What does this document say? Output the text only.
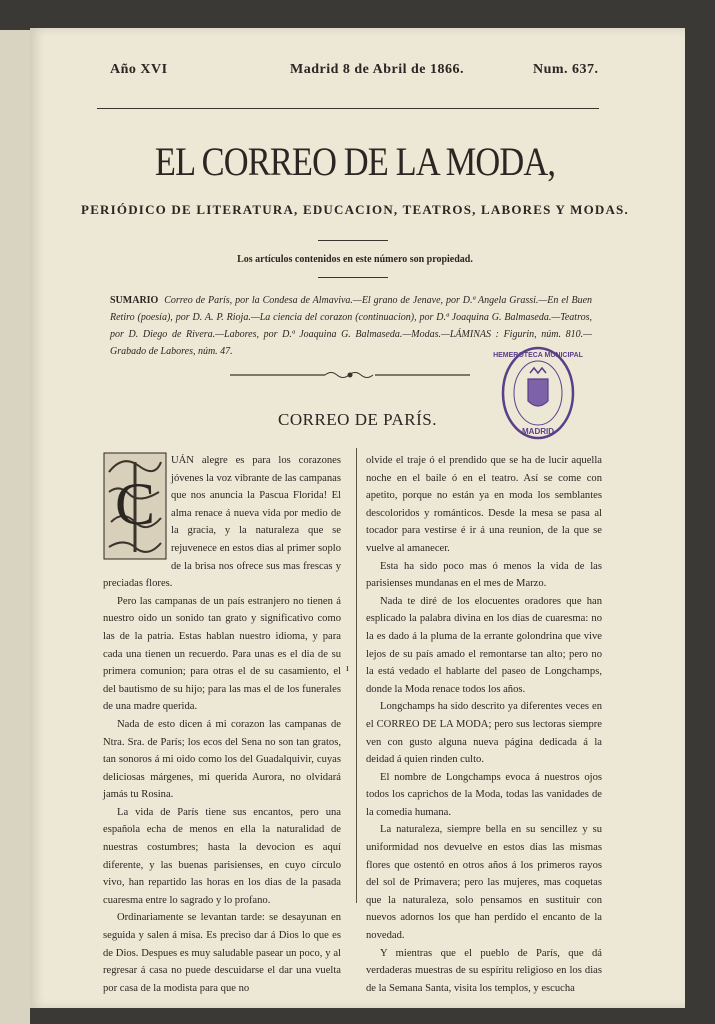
Año XVI	Madrid 8 de Abril de 1866.	Num. 637.
EL CORREO DE LA MODA,
PERIÓDICO DE LITERATURA, EDUCACION, TEATROS, LABORES Y MODAS.
Los artículos contenidos en este número son propiedad.
SUMARIO Correo de París, por la Condesa de Almaviva.—El grano de Jenave, por D.ª Angela Grassi.—En el Buen Retiro (poesía), por D. A. P. Rioja.—La ciencia del corazon (continuacion), por D.ª Joaquina G. Balmaseda.—Teatros, por D. Diego de Rivera.—Labores, por D.ª Joaquina G. Balmaseda.—Modas.—LÁMINAS : Figurin, núm. 810.—Grabado de Labores, núm. 47.	HEMEROTECA MUNICIPAL
MADRID
CORREO DE PARÍS.
ı
C

UÁN alegre es para los corazones jóvenes la voz vibrante de las campanas que nos anuncia la Pascua Florida! El alma renace á nueva vida por medio de la gracia, y la naturaleza que se rejuvenece en estos dias al primer soplo de la brisa nos ofrece sus mas frescas y preciadas flores.

Pero las campanas de un país estranjero no tienen á nuestro oido un sonido tan grato y significativo como las de la patria. Estas hablan nuestro idioma, y para cada una tienen un recuerdo. Para unas es el dia de su primera comunion; para otras el de su casamiento, el del bautismo de su hijo; para las mas el de los funerales de una madre querida.

Nada de esto dicen á mi corazon las campanas de Ntra. Sra. de París; los ecos del Sena no son tan gratos, tan sonoros á mi oido como los del Guadalquivir, cuyas deliciosas márgenes, mi querida Aurora, no olvidará jamás tu Rosina.

La vida de París tiene sus encantos, pero una española echa de menos en ella la naturalidad de nuestras costumbres; hasta la devocion es aquí diferente, y las buenas parisienses, en cuyo círculo vivo, han repartido las horas en los dias de la pasada cuaresma entre lo sagrado y lo profano.

Ordinariamente se levantan tarde: se desayunan en seguida y salen á misa. Es preciso dar á Dios lo que es de Dios. Despues es muy saludable pasear un poco, y al regresar á casa no puede descuidarse el dar una vuelta por casa de la modista para que no

olvide el traje ó el prendido que se ha de lucir aquella noche en el baile ó en el teatro. Así se come con apetito, porque no están ya en moda los semblantes descoloridos y románticos. Desde la mesa se pasa al tocador para vestirse é ir á una reunion, de la que se vuelve al amanecer.

Esta ha sido poco mas ó menos la vida de las parisienses mundanas en el mes de Marzo.

Nada te diré de los elocuentes oradores que han esplicado la palabra divina en los dias de cuaresma: no la es dado á la pluma de la errante golondrina que vive lejos de su país amado el remontarse tan alto; pero no la está vedado el hablarte del paseo de Longchamps, donde la Moda renace todos los años.

Longchamps ha sido descrito ya diferentes veces en el CORREO DE LA MODA; pero sus lectoras siempre ven con gusto alguna nueva página dedicada á la deidad á quien rinden culto.

El nombre de Longchamps evoca á nuestros ojos todos los caprichos de la Moda, todas las vanidades de la comedia humana.

La naturaleza, siempre bella en su sencillez y su uniformidad nos devuelve en estos dias las mismas flores que ostentó en otros años á los primeros rayos del sol de Primavera; pero las mujeres, mas coquetas que la naturaleza, solo pensamos en sustituir con nuevos adornos los que han perdido el encanto de la novedad.

Y mientras que el pueblo de París, que dá verdaderas muestras de su espíritu religioso en los dias de la Semana Santa, visita los templos, y escucha
